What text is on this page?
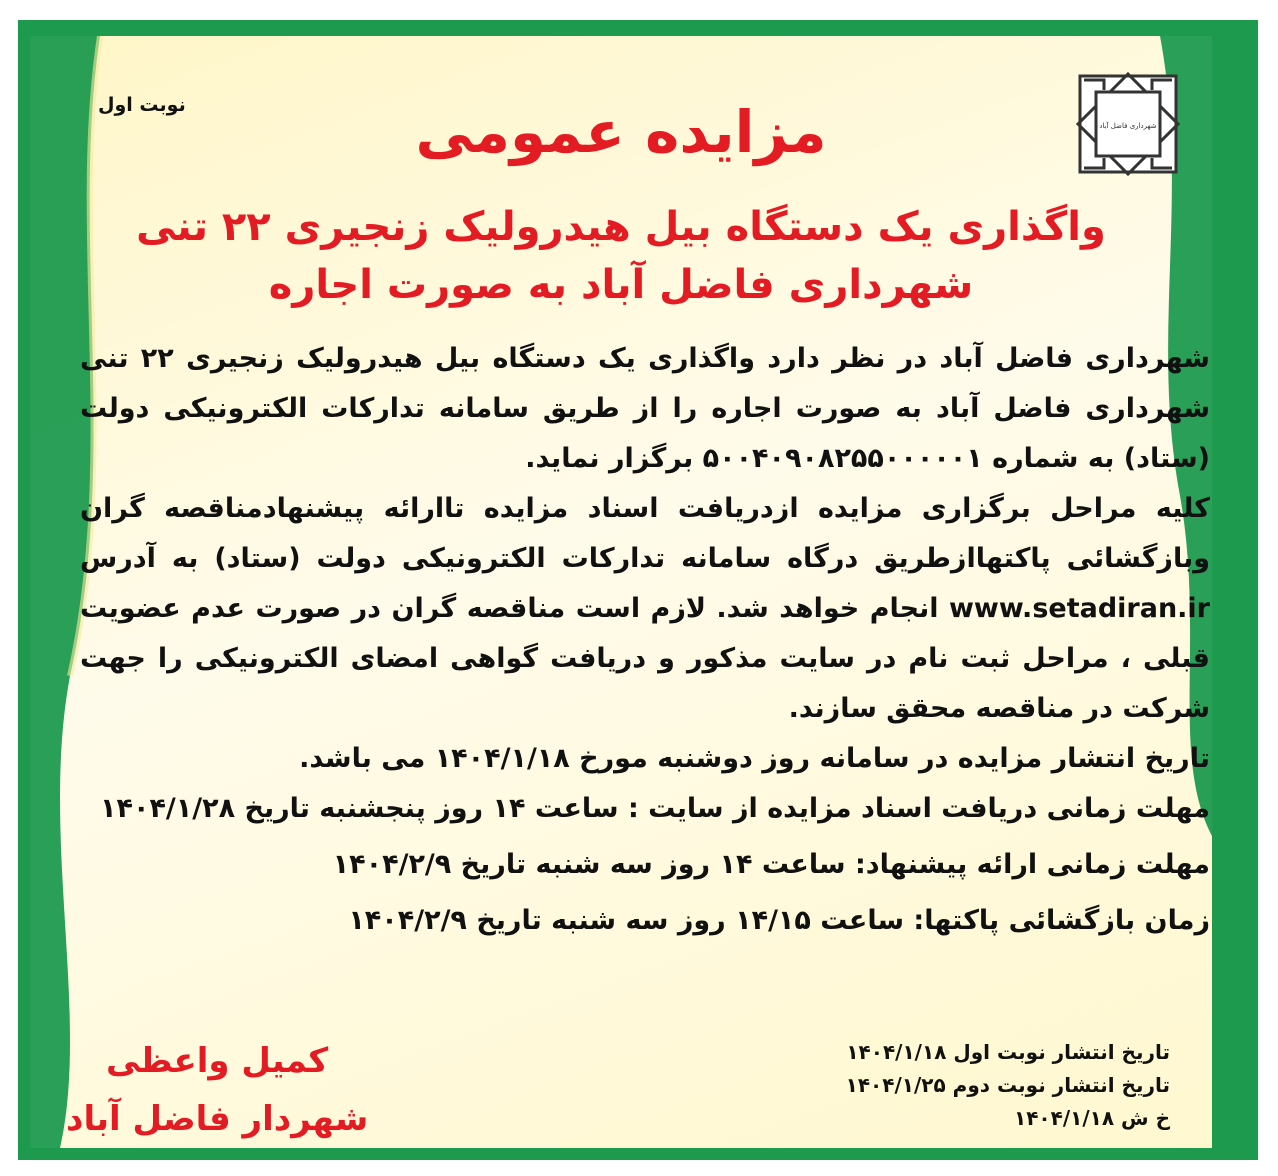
شهرداری فاضل آباد
نوبت اول	مزایده عمومی
واگذاری یک دستگاه بیل هیدرولیک زنجیری ۲۲ تنی
شهرداری فاضل آباد به صورت اجاره

شهرداری فاضل آباد در نظر دارد واگذاری یک دستگاه بیل هیدرولیک زنجیری ۲۲ تنی شهرداری فاضل آباد به صورت اجاره را از طریق سامانه تدارکات الکترونیکی دولت (ستاد) به شماره ۵۰۰۴۰۹۰۸۲۵۵۰۰۰۰۰۱ برگزار نماید.

کلیه مراحل برگزاری مزایده ازدریافت اسناد مزایده تاارائه پیشنهادمناقصه گران وبازگشائی پاکتهاازطریق درگاه سامانه تدارکات الکترونیکی دولت (ستاد) به آدرس www.setadiran.ir انجام خواهد شد. لازم است مناقصه گران در صورت عدم عضویت قبلی ، مراحل ثبت نام در سایت مذکور و دریافت گواهی امضای الکترونیکی را جهت شرکت در مناقصه محقق سازند.

تاریخ انتشار مزایده در سامانه روز دوشنبه مورخ ۱۴۰۴/۱/۱۸ می باشد.

مهلت زمانی دریافت اسناد مزایده از سایت : ساعت ۱۴ روز پنجشنبه تاریخ ۱۴۰۴/۱/۲۸

مهلت زمانی ارائه پیشنهاد: ساعت ۱۴ روز سه شنبه تاریخ ۱۴۰۴/۲/۹

زمان بازگشائی پاکتها: ساعت ۱۴/۱۵ روز سه شنبه تاریخ ۱۴۰۴/۲/۹

تاریخ انتشار نوبت اول ۱۴۰۴/۱/۱۸
تاریخ انتشار نوبت دوم ۱۴۰۴/۱/۲۵
خ ش ۱۴۰۴/۱/۱۸
کمیل واعظی
شهردار فاضل آباد
